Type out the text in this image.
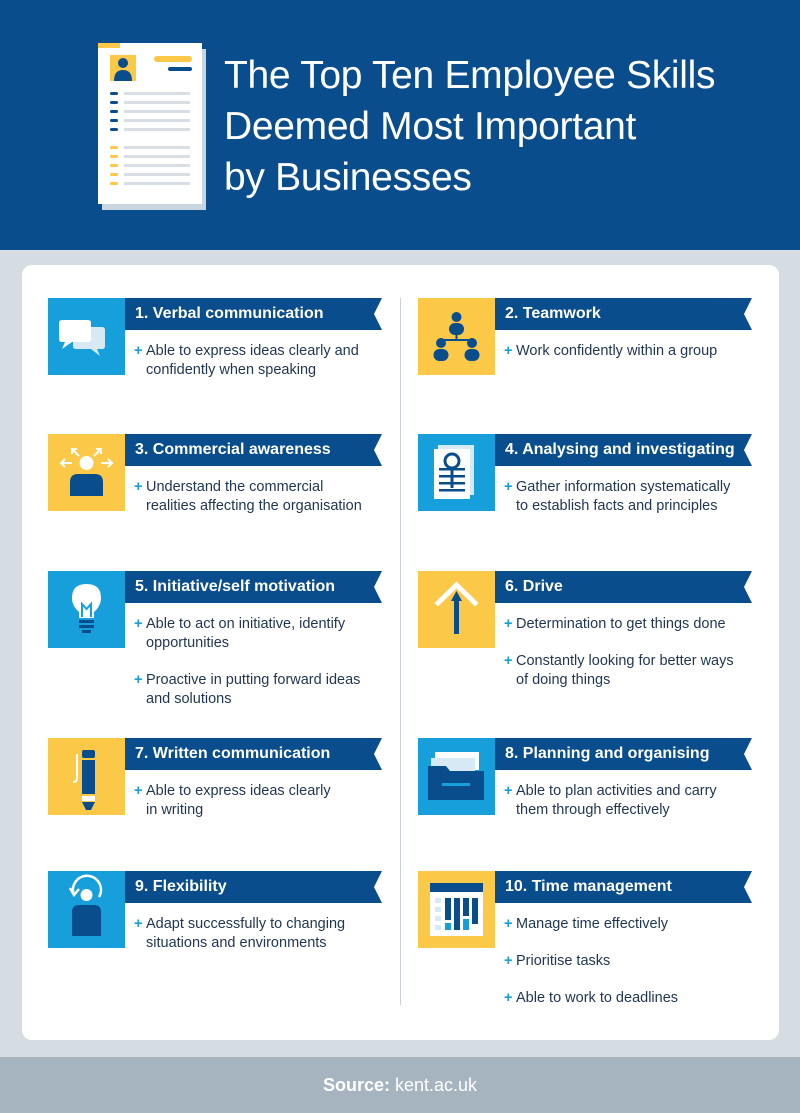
The Top Ten Employee Skills
Deemed Most Important
by Businesses
1. Verbal communication
+ Able to express ideas clearly and
confidently when speaking
2. Teamwork
+ Work confidently within a group
3. Commercial awareness
+ Understand the commercial
realities affecting the organisation
4. Analysing and investigating
+ Gather information systematically
to establish facts and principles
5. Initiative/self motivation
+ Able to act on initiative, identify
opportunities
+ Proactive in putting forward ideas
and solutions
6. Drive
+ Determination to get things done
+ Constantly looking for better ways
of doing things
7. Written communication
+ Able to express ideas clearly
in writing
8. Planning and organising
+ Able to plan activities and carry
them through effectively
9. Flexibility
+ Adapt successfully to changing
situations and environments
10. Time management
+ Manage time effectively
+ Prioritise tasks
+ Able to work to deadlines
Source: kent.ac.uk
